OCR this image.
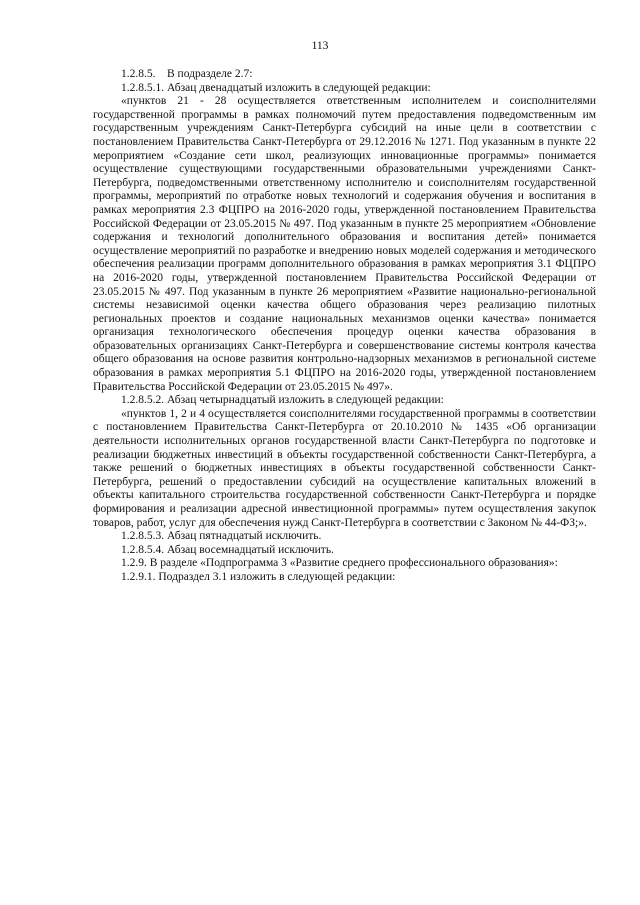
113

1.2.8.5.    В подразделе 2.7:

1.2.8.5.1. Абзац двенадцатый изложить в следующей редакции:

«пунктов 21 - 28 осуществляется ответственным исполнителем и соисполнителями государственной программы в рамках полномочий путем предоставления подведомственным им государственным учреждениям Санкт-Петербурга субсидий на иные цели в соответствии с постановлением Правительства Санкт-Петербурга от 29.12.2016 № 1271. Под указанным в пункте 22 мероприятием «Создание сети школ, реализующих инновационные программы» понимается осуществление существующими государственными образовательными учреждениями Санкт-Петербурга, подведомственными ответственному исполнителю и соисполнителям государственной программы, мероприятий по отработке новых технологий и содержания обучения и воспитания в рамках мероприятия 2.3 ФЦПРО на 2016-2020 годы, утвержденной постановлением Правительства Российской Федерации от 23.05.2015 № 497. Под указанным в пункте 25 мероприятием «Обновление содержания и технологий дополнительного образования и воспитания детей» понимается осуществление мероприятий по разработке и внедрению новых моделей содержания и методического обеспечения реализации программ дополнительного образования в рамках мероприятия 3.1 ФЦПРО на 2016-2020 годы, утвержденной постановлением Правительства Российской Федерации от 23.05.2015 № 497. Под указанным в пункте 26 мероприятием «Развитие национально-региональной системы независимой оценки качества общего образования через реализацию пилотных региональных проектов и создание национальных механизмов оценки качества» понимается организация технологического обеспечения процедур оценки качества образования в образовательных организациях Санкт-Петербурга и совершенствование системы контроля качества общего образования на основе развития контрольно-надзорных механизмов в региональной системе образования в рамках мероприятия 5.1 ФЦПРО на 2016-2020 годы, утвержденной постановлением Правительства Российской Федерации от 23.05.2015 № 497».

1.2.8.5.2. Абзац четырнадцатый изложить в следующей редакции:

«пунктов 1, 2 и 4 осуществляется соисполнителями государственной программы в соответствии с постановлением Правительства Санкт-Петербурга от 20.10.2010 № 1435 «Об организации деятельности исполнительных органов государственной власти Санкт-Петербурга по подготовке и реализации бюджетных инвестиций в объекты государственной собственности Санкт-Петербурга, а также решений о бюджетных инвестициях в объекты государственной собственности Санкт-Петербурга, решений о предоставлении субсидий на осуществление капитальных вложений в объекты капитального строительства государственной собственности Санкт-Петербурга и порядке формирования и реализации адресной инвестиционной программы» путем осуществления закупок товаров, работ, услуг для обеспечения нужд Санкт-Петербурга в соответствии с Законом № 44-ФЗ;».

1.2.8.5.3. Абзац пятнадцатый исключить.

1.2.8.5.4. Абзац восемнадцатый исключить.

1.2.9. В разделе «Подпрограмма 3 «Развитие среднего профессионального образования»:

1.2.9.1. Подраздел 3.1 изложить в следующей редакции:
